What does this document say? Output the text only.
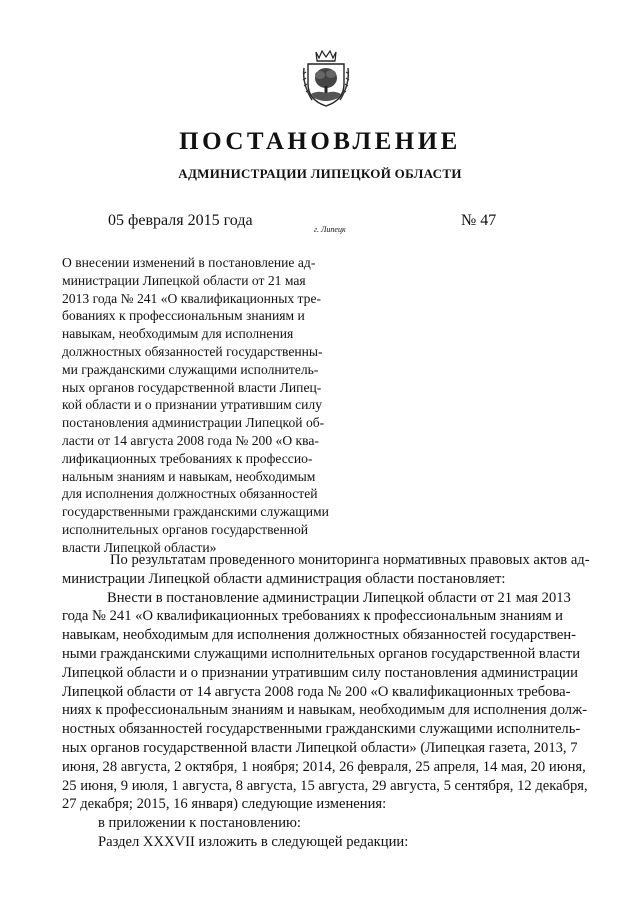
ПОСТАНОВЛЕНИЕ
АДМИНИСТРАЦИИ ЛИПЕЦКОЙ ОБЛАСТИ
05 февраля 2015 года
г. Липецк
№ 47
О внесении изменений в постановление ад-
министрации Липецкой области от 21 мая
2013 года № 241 «О квалификационных тре-
бованиях к профессиональным знаниям и
навыкам, необходимым для исполнения
должностных обязанностей государственны-
ми гражданскими служащими исполнитель-
ных органов государственной власти Липец-
кой области и о признании утратившим силу
постановления администрации Липецкой об-
ласти от 14 августа 2008 года № 200 «О ква-
лификационных требованиях к профессио-
нальным знаниям и навыкам, необходимым
для исполнения должностных обязанностей
государственными гражданскими служащими
исполнительных органов государственной
власти Липецкой области»

По результатам проведенного мониторинга нормативных правовых актов ад-
министрации Липецкой области администрация области постановляет:

Внести в постановление администрации Липецкой области от 21 мая 2013
года № 241 «О квалификационных требованиях к профессиональным знаниям и
навыкам, необходимым для исполнения должностных обязанностей государствен-
ными гражданскими служащими исполнительных органов государственной власти
Липецкой области и о признании утратившим силу постановления администрации
Липецкой области от 14 августа 2008 года № 200 «О квалификационных требова-
ниях к профессиональным знаниям и навыкам, необходимым для исполнения долж-
ностных обязанностей государственными гражданскими служащими исполнитель-
ных органов государственной власти Липецкой области» (Липецкая газета, 2013, 7
июня, 28 августа, 2 октября, 1 ноября; 2014, 26 февраля, 25 апреля, 14 мая, 20 июня,
25 июня, 9 июля, 1 августа, 8 августа, 15 августа, 29 августа, 5 сентября, 12 декабря,
27 декабря; 2015, 16 января) следующие изменения:

в приложении к постановлению:

Раздел XXXVII изложить в следующей редакции:
